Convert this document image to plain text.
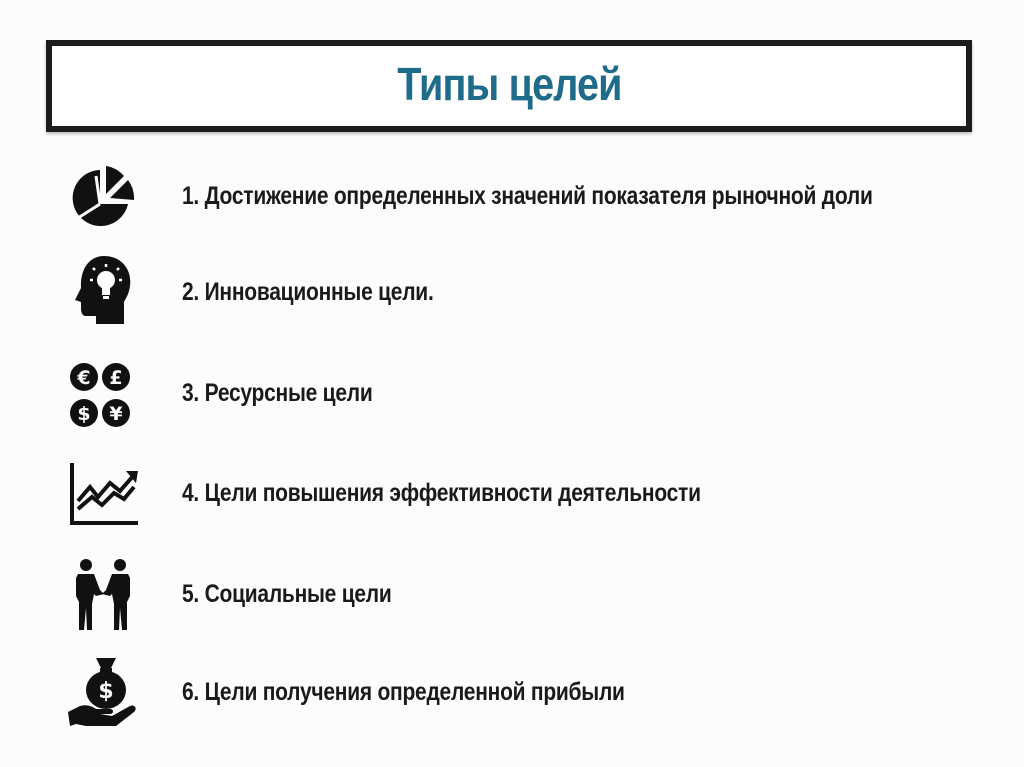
Типы целей
1. Достижение определенных значений показателя рыночной доли
2. Инновационные цели.
€ £
$ ¥
3. Ресурсные цели
4. Цели повышения эффективности деятельности
5. Социальные цели
$	6. Цели получения определенной прибыли
